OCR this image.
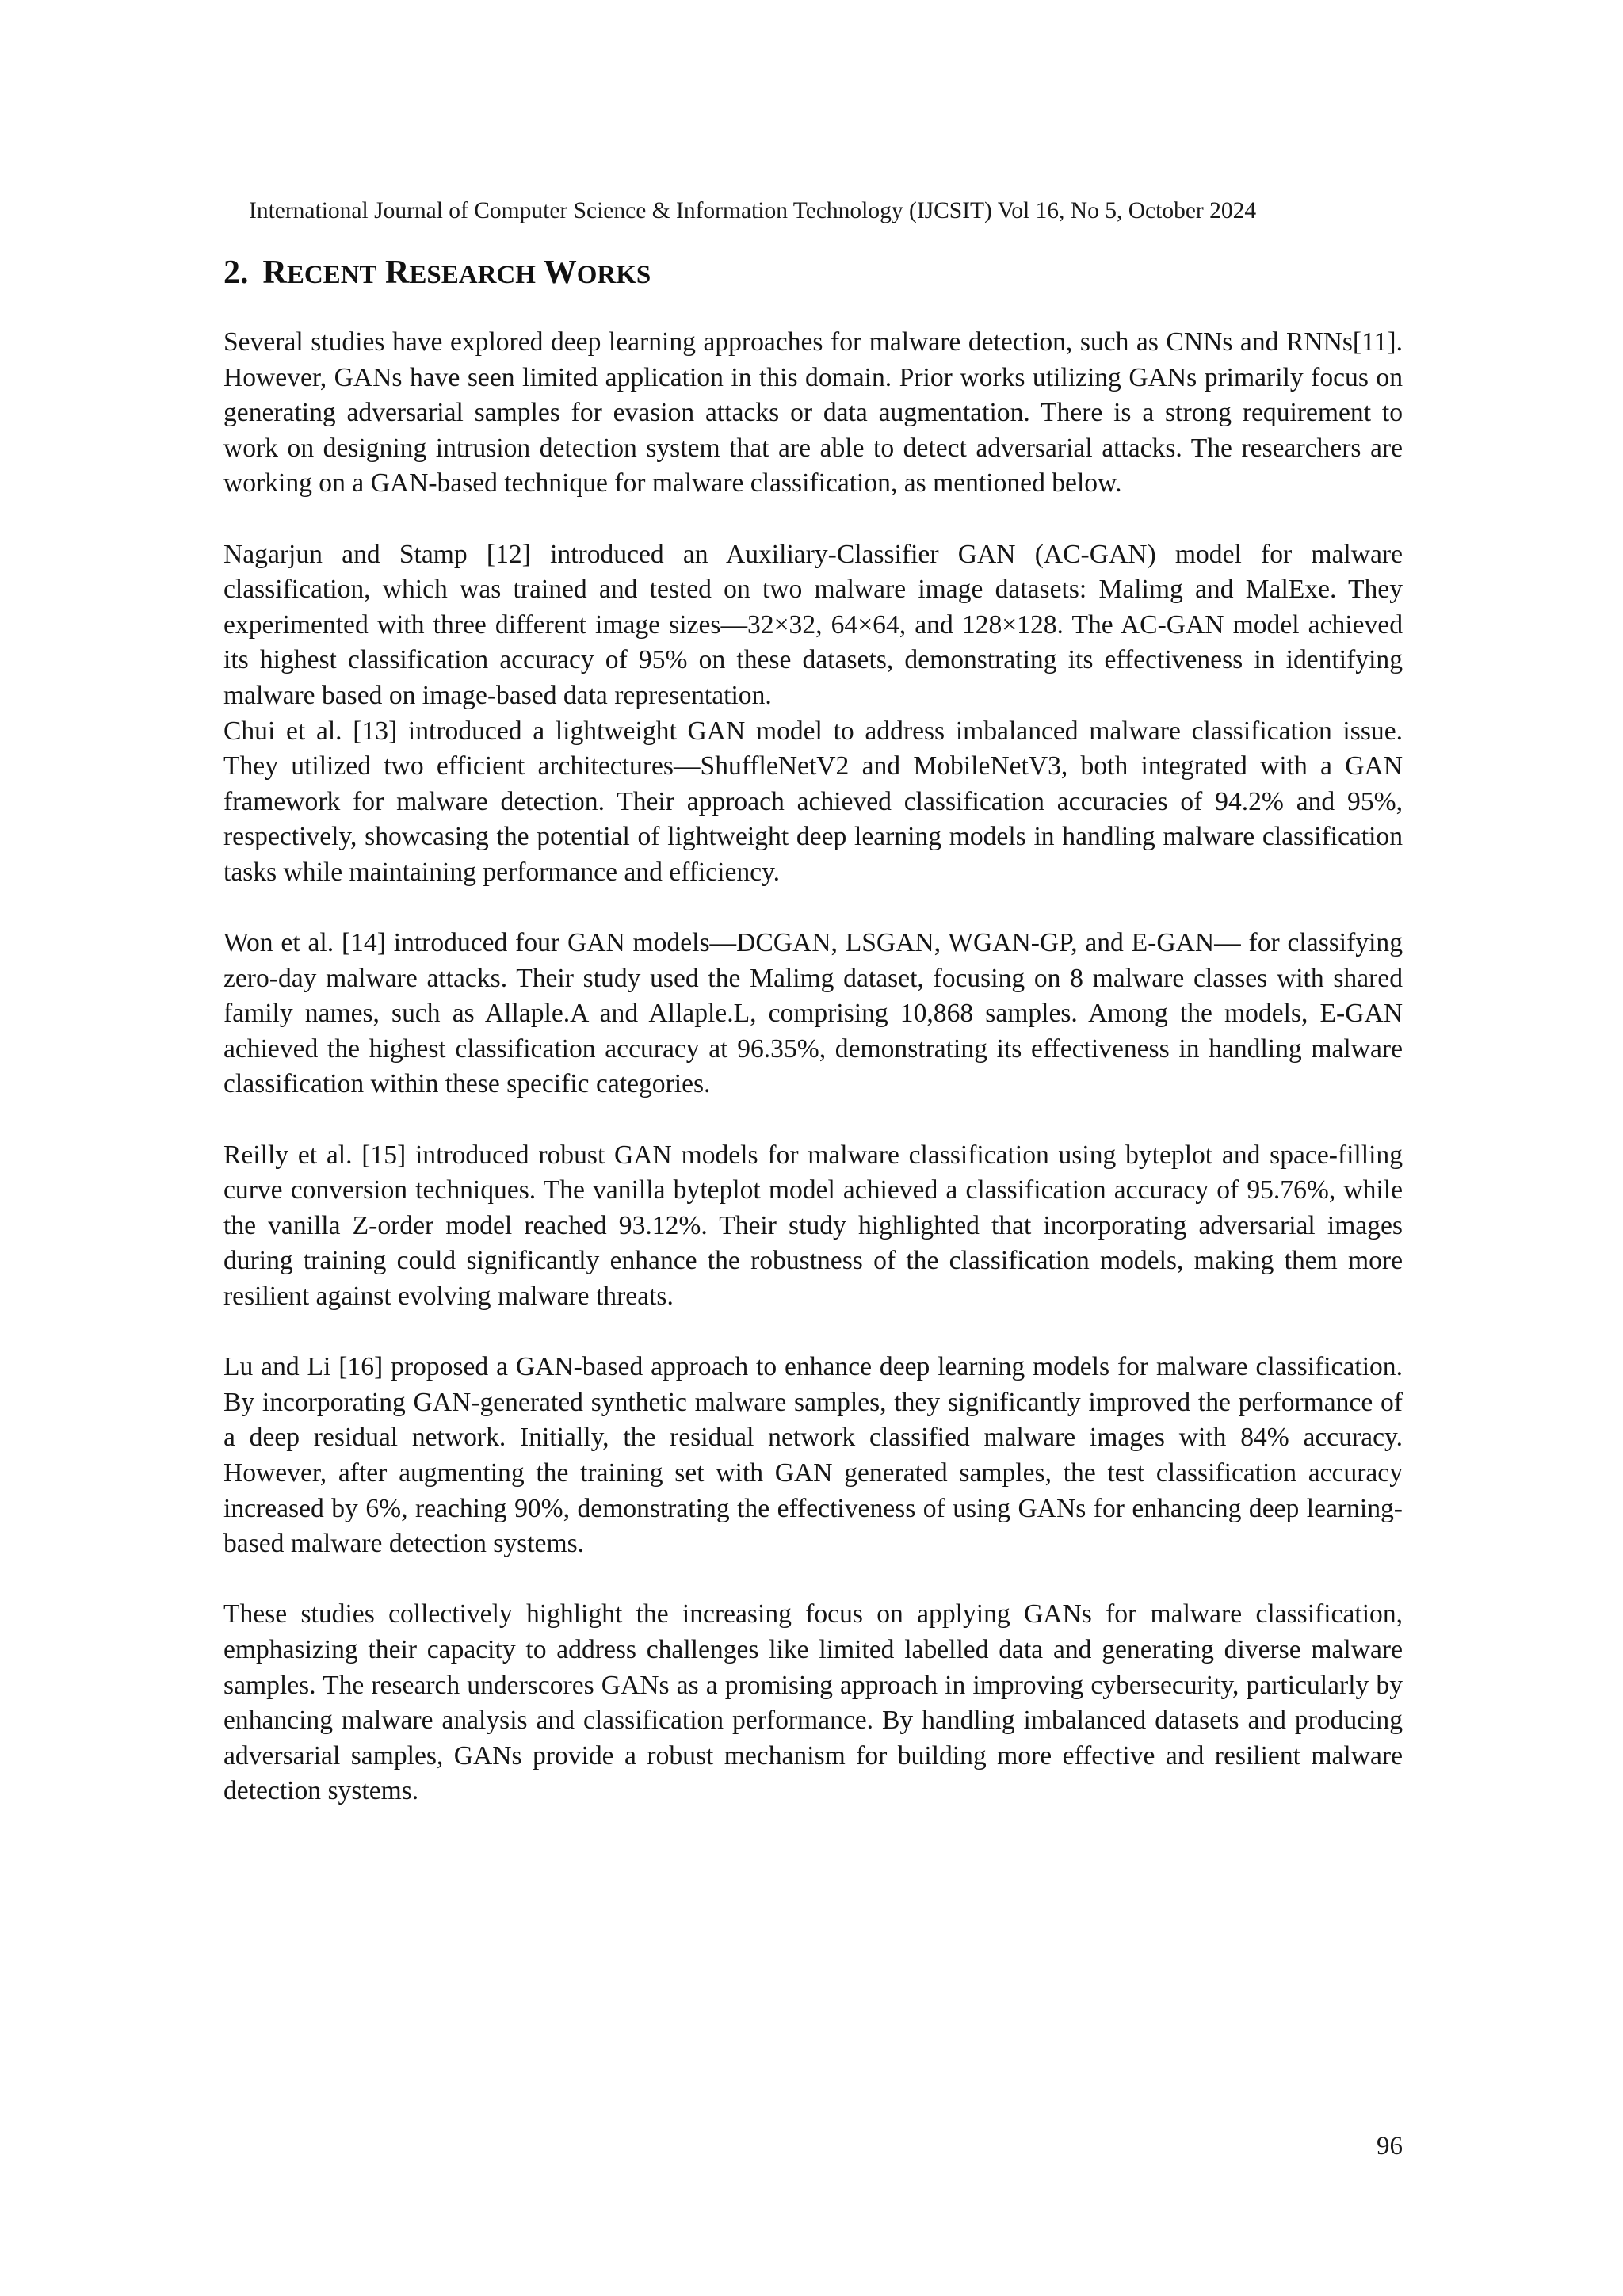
International Journal of Computer Science & Information Technology (IJCSIT) Vol 16, No 5, October 2024
2. RECENT RESEARCH WORKS

Several studies have explored deep learning approaches for malware detection, such as CNNs and RNNs[11]. However, GANs have seen limited application in this domain. Prior works utilizing GANs primarily focus on generating adversarial samples for evasion attacks or data augmentation. There is a strong requirement to work on designing intrusion detection system that are able to detect adversarial attacks. The researchers are working on a GAN-based technique for malware classification, as mentioned below.

Nagarjun and Stamp [12] introduced an Auxiliary-Classifier GAN (AC-GAN) model for malware classification, which was trained and tested on two malware image datasets: Malimg and MalExe. They experimented with three different image sizes—32×32, 64×64, and 128×128. The AC-GAN model achieved its highest classification accuracy of 95% on these datasets, demonstrating its effectiveness in identifying malware based on image-based data representation.

Chui et al. [13] introduced a lightweight GAN model to address imbalanced malware classification issue. They utilized two efficient architectures—ShuffleNetV2 and MobileNetV3, both integrated with a GAN framework for malware detection. Their approach achieved classification accuracies of 94.2% and 95%, respectively, showcasing the potential of lightweight deep learning models in handling malware classification tasks while maintaining performance and efficiency.

Won et al. [14] introduced four GAN models—DCGAN, LSGAN, WGAN-GP, and E-GAN— for classifying zero-day malware attacks. Their study used the Malimg dataset, focusing on 8 malware classes with shared family names, such as Allaple.A and Allaple.L, comprising 10,868 samples. Among the models, E-GAN achieved the highest classification accuracy at 96.35%, demonstrating its effectiveness in handling malware classification within these specific categories.

Reilly et al. [15] introduced robust GAN models for malware classification using byteplot and space-filling curve conversion techniques. The vanilla byteplot model achieved a classification accuracy of 95.76%, while the vanilla Z-order model reached 93.12%. Their study highlighted that incorporating adversarial images during training could significantly enhance the robustness of the classification models, making them more resilient against evolving malware threats.

Lu and Li [16] proposed a GAN-based approach to enhance deep learning models for malware classification. By incorporating GAN-generated synthetic malware samples, they significantly improved the performance of a deep residual network. Initially, the residual network classified malware images with 84% accuracy. However, after augmenting the training set with GAN generated samples, the test classification accuracy increased by 6%, reaching 90%, demonstrating the effectiveness of using GANs for enhancing deep learning-based malware detection systems.

These studies collectively highlight the increasing focus on applying GANs for malware classification, emphasizing their capacity to address challenges like limited labelled data and generating diverse malware samples. The research underscores GANs as a promising approach in improving cybersecurity, particularly by enhancing malware analysis and classification performance. By handling imbalanced datasets and producing adversarial samples, GANs provide a robust mechanism for building more effective and resilient malware detection systems.

96
